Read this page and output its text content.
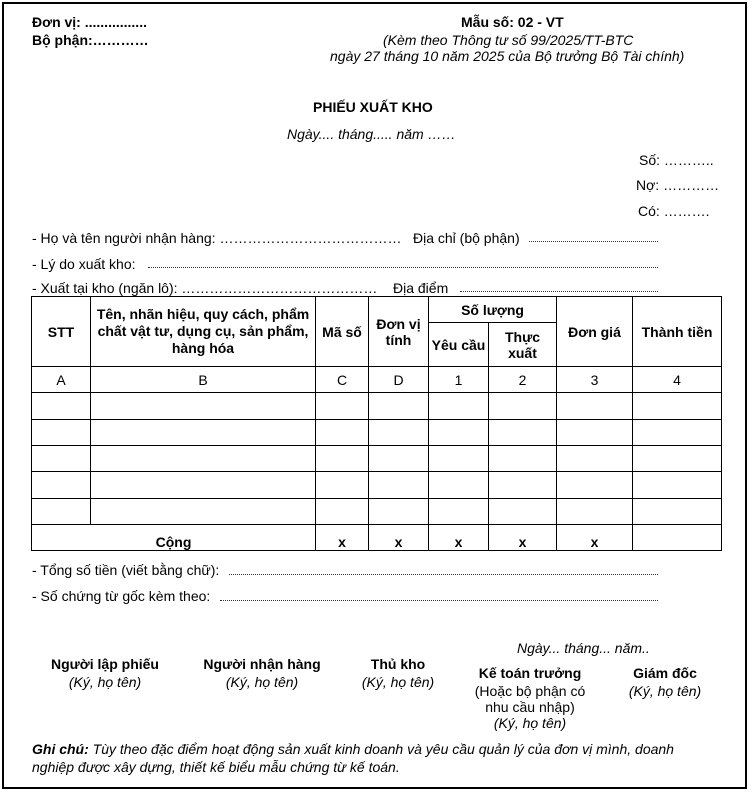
Đơn vị: ................
Bộ phận:…………
Mẫu số: 02 - VT
(Kèm theo Thông tư số 99/2025/TT-BTC
ngày 27 tháng 10 năm 2025 của Bộ trưởng Bộ Tài chính)
PHIẾU XUẤT KHO
Ngày.... tháng..... năm ……
Số: ………..
Nợ: …………
Có: ……….
- Họ và tên người nhận hàng: ………………………………… Địa chỉ (bộ phận)
- Lý do xuất kho:
- Xuất tại kho (ngăn lô): …………………………………… Địa điểm
STT	Tên, nhãn hiệu, quy cách, phẩm chất vật tư, dụng cụ, sản phẩm, hàng hóa	Mã số	Đơn vị tính	Số lượng		Đơn giá	Thành tiền
				Yêu cầu	Thực xuất		
A	B	C	D	1	2	3	4

Cộng		x	x	x	x	x	
- Tổng số tiền (viết bằng chữ):
- Số chứng từ gốc kèm theo:
Ngày... tháng... năm..
Người lập phiếu
(Ký, họ tên)
Người nhận hàng
(Ký, họ tên)
Thủ kho
(Ký, họ tên)
Kế toán trưởng
(Hoặc bộ phận có
nhu cầu nhập)
(Ký, họ tên)
Giám đốc
(Ký, họ tên)
Ghi chú: Tùy theo đặc điểm hoạt động sản xuất kinh doanh và yêu cầu quản lý của đơn vị mình, doanh
nghiệp được xây dựng, thiết kế biểu mẫu chứng từ kế toán.
